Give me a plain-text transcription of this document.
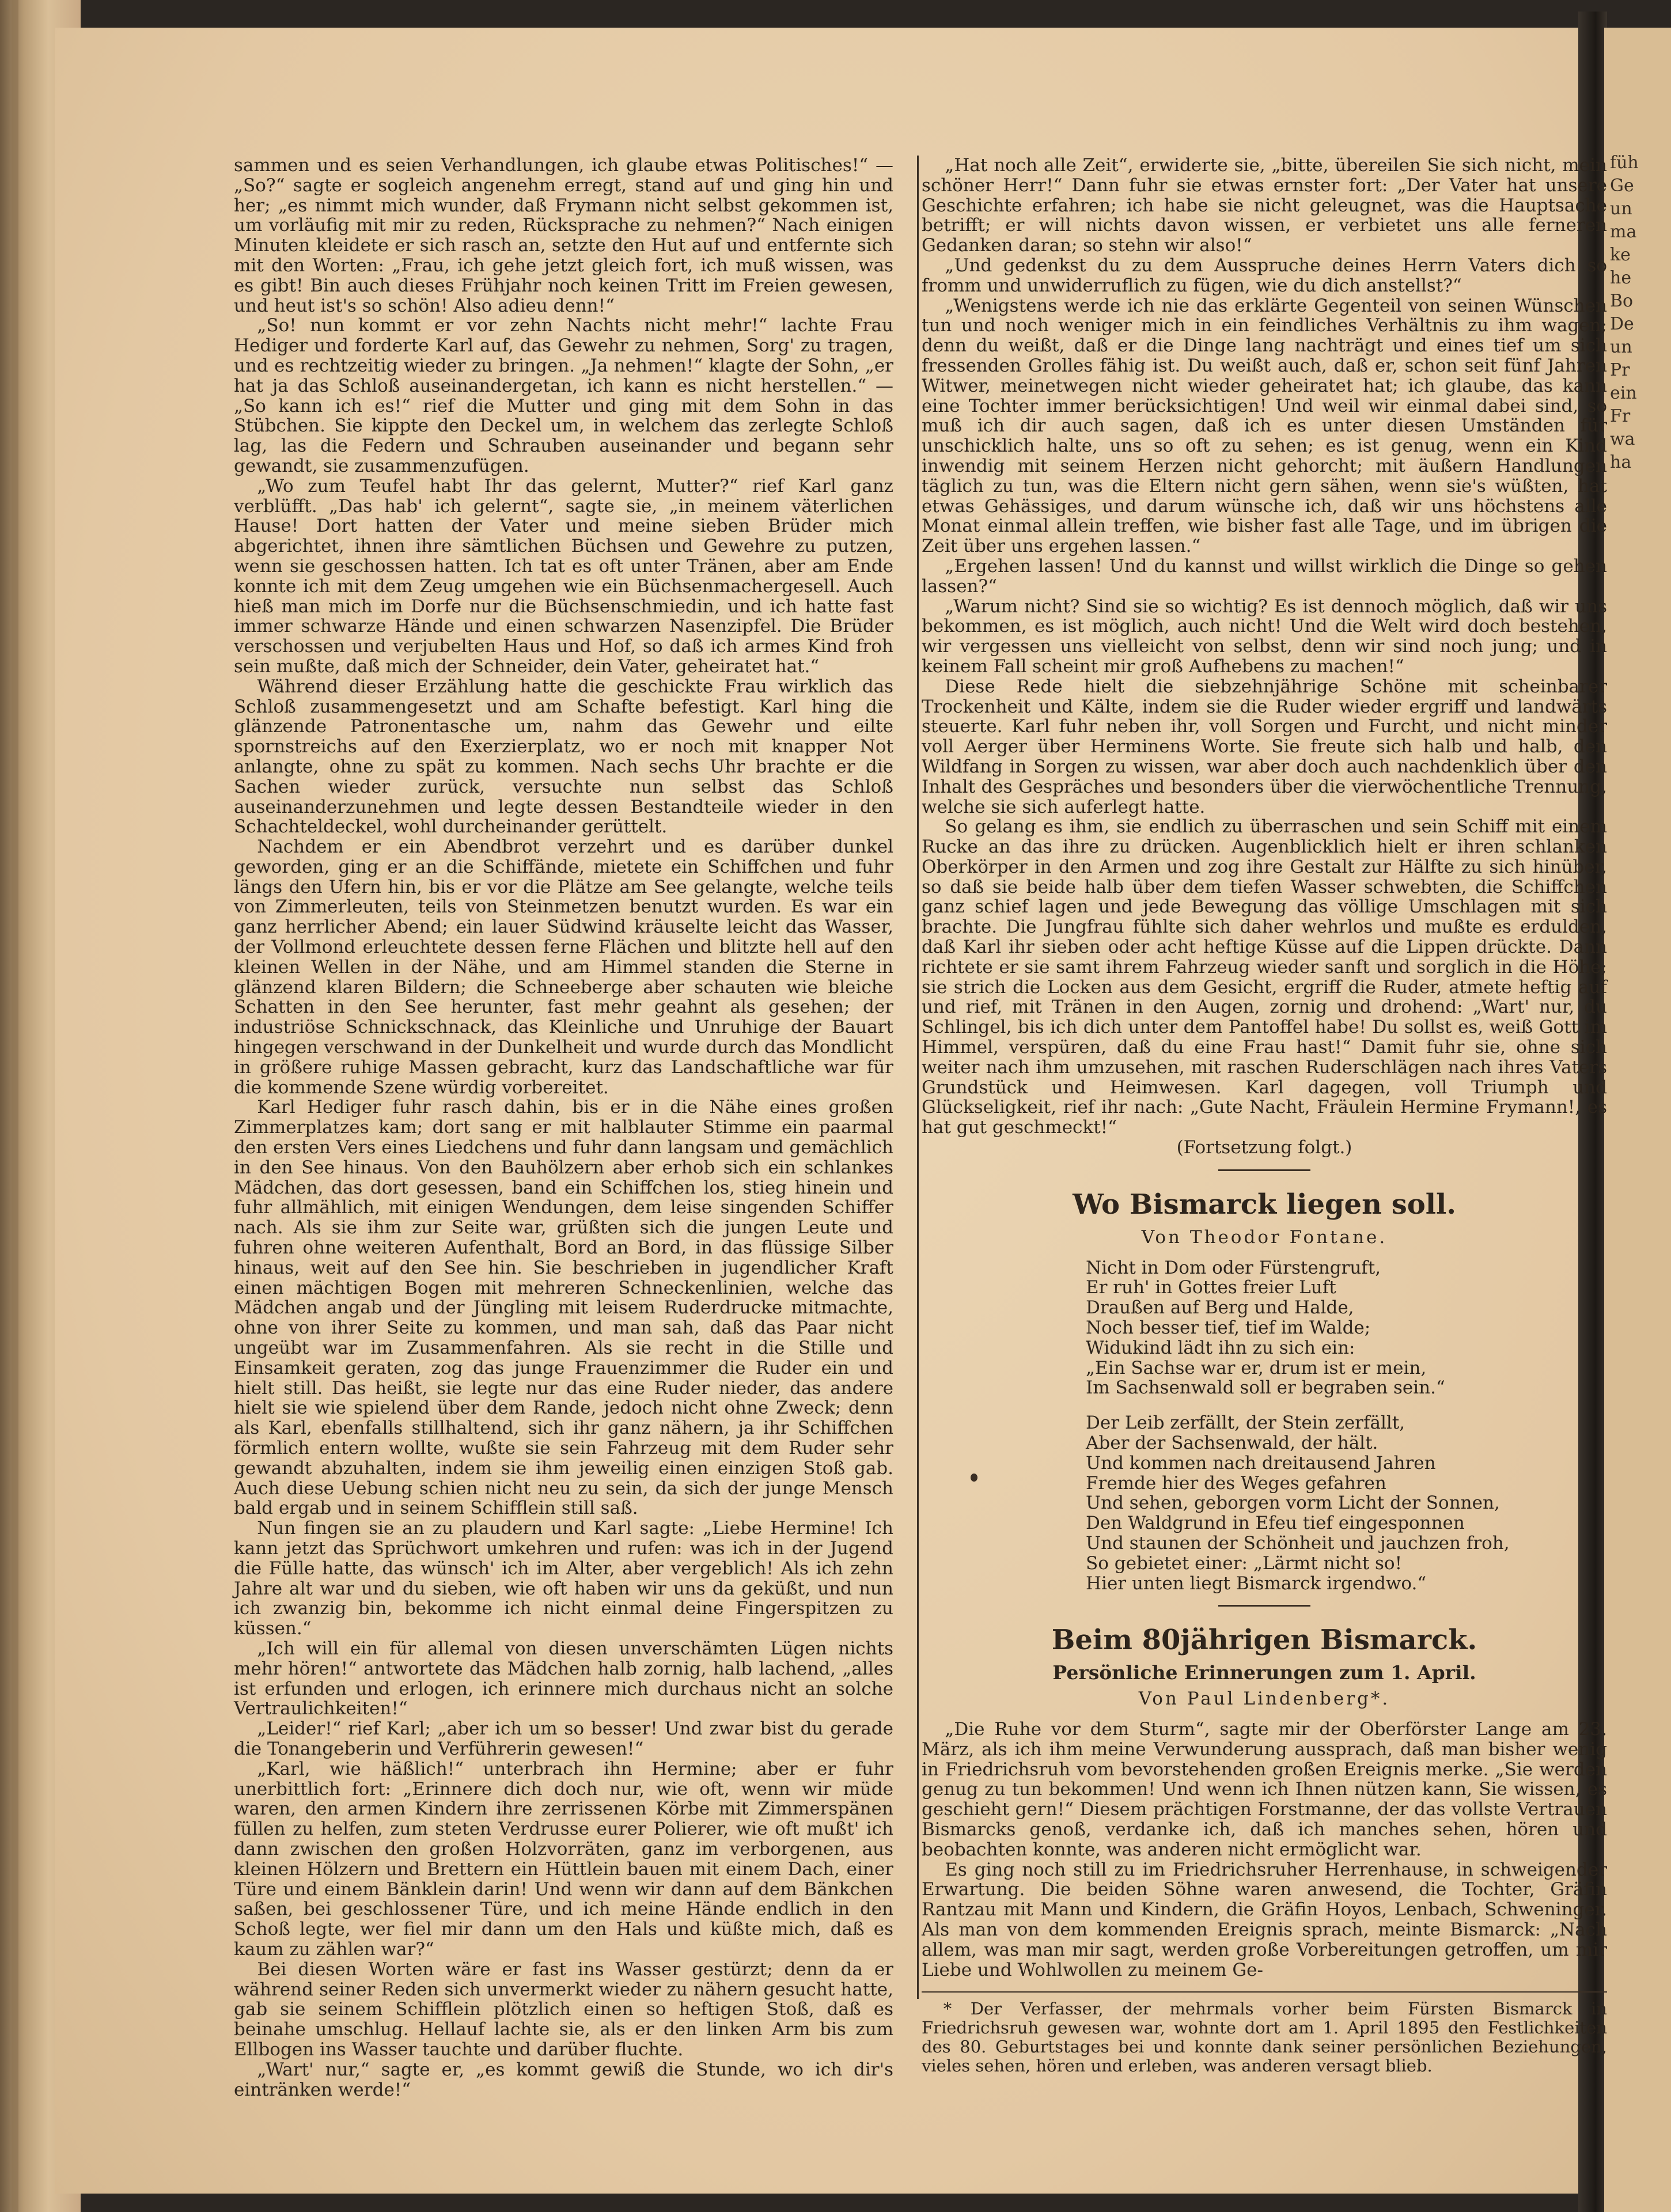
füh
Ge
un
ma
ke
he
Bo
De
un
Pr
ein
Fr
wa
ha

sammen und es seien Verhandlungen, ich glaube etwas Politisches!“ — „So?“ sagte er sogleich angenehm erregt, stand auf und ging hin und her; „es nimmt mich wunder, daß Frymann nicht selbst gekommen ist, um vorläufig mit mir zu reden, Rücksprache zu nehmen?“ Nach einigen Minuten kleidete er sich rasch an, setzte den Hut auf und entfernte sich mit den Worten: „Frau, ich gehe jetzt gleich fort, ich muß wissen, was es gibt! Bin auch dieses Frühjahr noch keinen Tritt im Freien gewesen, und heut ist's so schön! Also adieu denn!“

„So! nun kommt er vor zehn Nachts nicht mehr!“ lachte Frau Hediger und forderte Karl auf, das Gewehr zu nehmen, Sorg' zu tragen, und es rechtzeitig wieder zu bringen. „Ja nehmen!“ klagte der Sohn, „er hat ja das Schloß auseinandergetan, ich kann es nicht herstellen.“ — „So kann ich es!“ rief die Mutter und ging mit dem Sohn in das Stübchen. Sie kippte den Deckel um, in welchem das zerlegte Schloß lag, las die Federn und Schrauben auseinander und begann sehr gewandt, sie zusammenzufügen.

„Wo zum Teufel habt Ihr das gelernt, Mutter?“ rief Karl ganz verblüfft. „Das hab' ich gelernt“, sagte sie, „in meinem väterlichen Hause! Dort hatten der Vater und meine sieben Brüder mich abgerichtet, ihnen ihre sämtlichen Büchsen und Gewehre zu putzen, wenn sie geschossen hatten. Ich tat es oft unter Tränen, aber am Ende konnte ich mit dem Zeug umgehen wie ein Büchsenmachergesell. Auch hieß man mich im Dorfe nur die Büchsenschmiedin, und ich hatte fast immer schwarze Hände und einen schwarzen Nasenzipfel. Die Brüder verschossen und verjubelten Haus und Hof, so daß ich armes Kind froh sein mußte, daß mich der Schneider, dein Vater, geheiratet hat.“

Während dieser Erzählung hatte die geschickte Frau wirklich das Schloß zusammengesetzt und am Schafte befestigt. Karl hing die glänzende Patronentasche um, nahm das Gewehr und eilte spornstreichs auf den Exerzierplatz, wo er noch mit knapper Not anlangte, ohne zu spät zu kommen. Nach sechs Uhr brachte er die Sachen wieder zurück, versuchte nun selbst das Schloß auseinanderzunehmen und legte dessen Bestandteile wieder in den Schachteldeckel, wohl durcheinander gerüttelt.

Nachdem er ein Abendbrot verzehrt und es darüber dunkel geworden, ging er an die Schiffände, mietete ein Schiffchen und fuhr längs den Ufern hin, bis er vor die Plätze am See gelangte, welche teils von Zimmerleuten, teils von Steinmetzen benutzt wurden. Es war ein ganz herrlicher Abend; ein lauer Südwind kräuselte leicht das Wasser, der Vollmond erleuchtete dessen ferne Flächen und blitzte hell auf den kleinen Wellen in der Nähe, und am Himmel standen die Sterne in glänzend klaren Bildern; die Schneeberge aber schauten wie bleiche Schatten in den See herunter, fast mehr geahnt als gesehen; der industriöse Schnickschnack, das Kleinliche und Unruhige der Bauart hingegen verschwand in der Dunkelheit und wurde durch das Mondlicht in größere ruhige Massen gebracht, kurz das Landschaftliche war für die kommende Szene würdig vorbereitet.

Karl Hediger fuhr rasch dahin, bis er in die Nähe eines großen Zimmerplatzes kam; dort sang er mit halblauter Stimme ein paarmal den ersten Vers eines Liedchens und fuhr dann langsam und gemächlich in den See hinaus. Von den Bauhölzern aber erhob sich ein schlankes Mädchen, das dort gesessen, band ein Schiffchen los, stieg hinein und fuhr allmählich, mit einigen Wendungen, dem leise singenden Schiffer nach. Als sie ihm zur Seite war, grüßten sich die jungen Leute und fuhren ohne weiteren Aufenthalt, Bord an Bord, in das flüssige Silber hinaus, weit auf den See hin. Sie beschrieben in jugendlicher Kraft einen mächtigen Bogen mit mehreren Schneckenlinien, welche das Mädchen angab und der Jüngling mit leisem Ruderdrucke mitmachte, ohne von ihrer Seite zu kommen, und man sah, daß das Paar nicht ungeübt war im Zusammenfahren. Als sie recht in die Stille und Einsamkeit geraten, zog das junge Frauenzimmer die Ruder ein und hielt still. Das heißt, sie legte nur das eine Ruder nieder, das andere hielt sie wie spielend über dem Rande, jedoch nicht ohne Zweck; denn als Karl, ebenfalls stillhaltend, sich ihr ganz nähern, ja ihr Schiffchen förmlich entern wollte, wußte sie sein Fahrzeug mit dem Ruder sehr gewandt abzuhalten, indem sie ihm jeweilig einen einzigen Stoß gab. Auch diese Uebung schien nicht neu zu sein, da sich der junge Mensch bald ergab und in seinem Schifflein still saß.

Nun fingen sie an zu plaudern und Karl sagte: „Liebe Hermine! Ich kann jetzt das Sprüchwort umkehren und rufen: was ich in der Jugend die Fülle hatte, das wünsch' ich im Alter, aber vergeblich! Als ich zehn Jahre alt war und du sieben, wie oft haben wir uns da geküßt, und nun ich zwanzig bin, bekomme ich nicht einmal deine Fingerspitzen zu küssen.“

„Ich will ein für allemal von diesen unverschämten Lügen nichts mehr hören!“ antwortete das Mädchen halb zornig, halb lachend, „alles ist erfunden und erlogen, ich erinnere mich durchaus nicht an solche Vertraulichkeiten!“

„Leider!“ rief Karl; „aber ich um so besser! Und zwar bist du gerade die Tonangeberin und Verführerin gewesen!“

„Karl, wie häßlich!“ unterbrach ihn Hermine; aber er fuhr unerbittlich fort: „Erinnere dich doch nur, wie oft, wenn wir müde waren, den armen Kindern ihre zerrissenen Körbe mit Zimmerspänen füllen zu helfen, zum steten Verdrusse eurer Polierer, wie oft mußt' ich dann zwischen den großen Holzvorräten, ganz im verborgenen, aus kleinen Hölzern und Brettern ein Hüttlein bauen mit einem Dach, einer Türe und einem Bänklein darin! Und wenn wir dann auf dem Bänkchen saßen, bei geschlossener Türe, und ich meine Hände endlich in den Schoß legte, wer fiel mir dann um den Hals und küßte mich, daß es kaum zu zählen war?“

Bei diesen Worten wäre er fast ins Wasser gestürzt; denn da er während seiner Reden sich unvermerkt wieder zu nähern gesucht hatte, gab sie seinem Schifflein plötzlich einen so heftigen Stoß, daß es beinahe umschlug. Hellauf lachte sie, als er den linken Arm bis zum Ellbogen ins Wasser tauchte und darüber fluchte.

„Wart' nur,“ sagte er, „es kommt gewiß die Stunde, wo ich dir's eintränken werde!“

„Hat noch alle Zeit“, erwiderte sie, „bitte, übereilen Sie sich nicht, mein schöner Herr!“ Dann fuhr sie etwas ernster fort: „Der Vater hat unsere Geschichte erfahren; ich habe sie nicht geleugnet, was die Hauptsache betrifft; er will nichts davon wissen, er verbietet uns alle ferneren Gedanken daran; so stehn wir also!“

„Und gedenkst du zu dem Ausspruche deines Herrn Vaters dich so fromm und unwiderruflich zu fügen, wie du dich anstellst?“

„Wenigstens werde ich nie das erklärte Gegenteil von seinen Wünschen tun und noch weniger mich in ein feindliches Verhältnis zu ihm wagen; denn du weißt, daß er die Dinge lang nachträgt und eines tief um sich fressenden Grolles fähig ist. Du weißt auch, daß er, schon seit fünf Jahren Witwer, meinetwegen nicht wieder geheiratet hat; ich glaube, das kann eine Tochter immer berücksichtigen! Und weil wir einmal dabei sind, so muß ich dir auch sagen, daß ich es unter diesen Umständen für unschicklich halte, uns so oft zu sehen; es ist genug, wenn ein Kind inwendig mit seinem Herzen nicht gehorcht; mit äußern Handlungen täglich zu tun, was die Eltern nicht gern sähen, wenn sie's wüßten, hat etwas Gehässiges, und darum wünsche ich, daß wir uns höchstens alle Monat einmal allein treffen, wie bisher fast alle Tage, und im übrigen die Zeit über uns ergehen lassen.“

„Ergehen lassen! Und du kannst und willst wirklich die Dinge so gehen lassen?“

„Warum nicht? Sind sie so wichtig? Es ist dennoch möglich, daß wir uns bekommen, es ist möglich, auch nicht! Und die Welt wird doch bestehen, wir vergessen uns vielleicht von selbst, denn wir sind noch jung; und in keinem Fall scheint mir groß Aufhebens zu machen!“

Diese Rede hielt die siebzehnjährige Schöne mit scheinbarer Trockenheit und Kälte, indem sie die Ruder wieder ergriff und landwärts steuerte. Karl fuhr neben ihr, voll Sorgen und Furcht, und nicht minder voll Aerger über Herminens Worte. Sie freute sich halb und halb, den Wildfang in Sorgen zu wissen, war aber doch auch nachdenklich über den Inhalt des Gespräches und besonders über die vierwöchentliche Trennung, welche sie sich auferlegt hatte.

So gelang es ihm, sie endlich zu überraschen und sein Schiff mit einem Rucke an das ihre zu drücken. Augenblicklich hielt er ihren schlanken Oberkörper in den Armen und zog ihre Gestalt zur Hälfte zu sich hinüber, so daß sie beide halb über dem tiefen Wasser schwebten, die Schiffchen ganz schief lagen und jede Bewegung das völlige Umschlagen mit sich brachte. Die Jungfrau fühlte sich daher wehrlos und mußte es erdulden, daß Karl ihr sieben oder acht heftige Küsse auf die Lippen drückte. Dann richtete er sie samt ihrem Fahrzeug wieder sanft und sorglich in die Höhe; sie strich die Locken aus dem Gesicht, ergriff die Ruder, atmete heftig auf und rief, mit Tränen in den Augen, zornig und drohend: „Wart' nur, du Schlingel, bis ich dich unter dem Pantoffel habe! Du sollst es, weiß Gott im Himmel, verspüren, daß du eine Frau hast!“ Damit fuhr sie, ohne sich weiter nach ihm umzusehen, mit raschen Ruderschlägen nach ihres Vaters Grundstück und Heimwesen. Karl dagegen, voll Triumph und Glückseligkeit, rief ihr nach: „Gute Nacht, Fräulein Hermine Frymann!, es hat gut geschmeckt!“

(Fortsetzung folgt.)

Wo Bismarck liegen soll.
Von Theodor Fontane.
Nicht in Dom oder Fürstengruft,
Er ruh' in Gottes freier Luft
Draußen auf Berg und Halde,
Noch besser tief, tief im Walde;
Widukind lädt ihn zu sich ein:
„Ein Sachse war er, drum ist er mein,
Im Sachsenwald soll er begraben sein.“
Der Leib zerfällt, der Stein zerfällt,
Aber der Sachsenwald, der hält.
Und kommen nach dreitausend Jahren
Fremde hier des Weges gefahren
Und sehen, geborgen vorm Licht der Sonnen,
Den Waldgrund in Efeu tief eingesponnen
Und staunen der Schönheit und jauchzen froh,
So gebietet einer: „Lärmt nicht so!
Hier unten liegt Bismarck irgendwo.“
Beim 80jährigen Bismarck.
Persönliche Erinnerungen zum 1. April.
Von Paul Lindenberg*.

„Die Ruhe vor dem Sturm“, sagte mir der Oberförster Lange am 23. März, als ich ihm meine Verwunderung aussprach, daß man bisher wenig in Friedrichsruh vom bevorstehenden großen Ereignis merke. „Sie werden genug zu tun bekommen! Und wenn ich Ihnen nützen kann, Sie wissen, es geschieht gern!“ Diesem prächtigen Forstmanne, der das vollste Vertrauen Bismarcks genoß, verdanke ich, daß ich manches sehen, hören und beobachten konnte, was anderen nicht ermöglicht war.

Es ging noch still zu im Friedrichsruher Herrenhause, in schweigender Erwartung. Die beiden Söhne waren anwesend, die Tochter, Gräfin Rantzau mit Mann und Kindern, die Gräfin Hoyos, Lenbach, Schweninger. Als man von dem kommenden Ereignis sprach, meinte Bismarck: „Nach allem, was man mir sagt, werden große Vorbereitungen getroffen, um mir Liebe und Wohlwollen zu meinem Ge-

* Der Verfasser, der mehrmals vorher beim Fürsten Bismarck in Friedrichsruh gewesen war, wohnte dort am 1. April 1895 den Festlichkeiten des 80. Geburtstages bei und konnte dank seiner persönlichen Beziehungen, vieles sehen, hören und erleben, was anderen versagt blieb.
